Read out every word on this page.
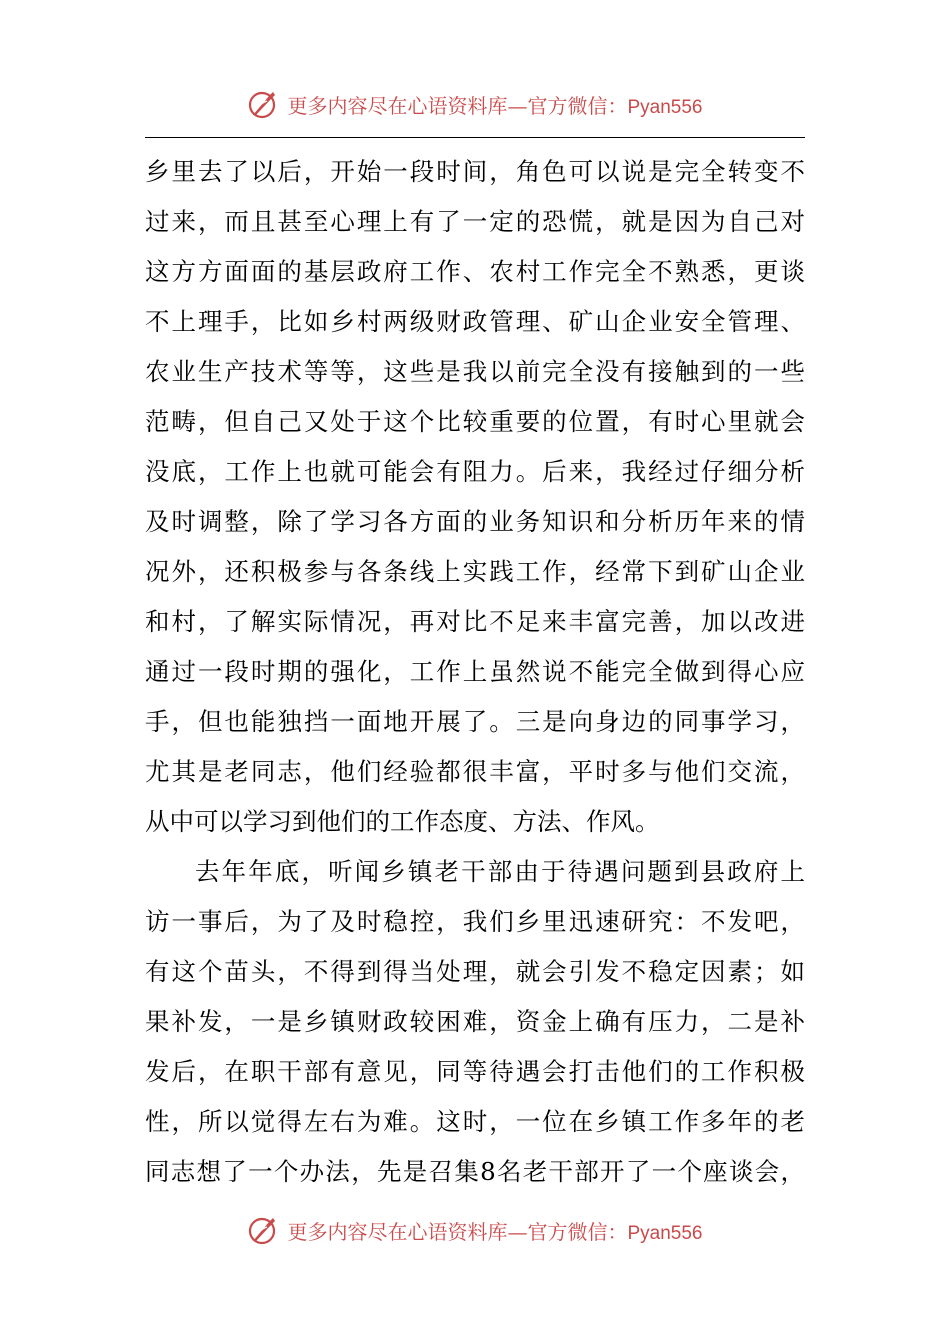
更多内容尽在心语资料库—官方微信：Pyan556
乡里去了以后，开始一段时间，角色可以说是完全转变不
过来，而且甚至心理上有了一定的恐慌，就是因为自己对
这方方面面的基层政府工作、农村工作完全不熟悉，更谈
不上理手，比如乡村两级财政管理、矿山企业安全管理、
农业生产技术等等，这些是我以前完全没有接触到的一些
范畴，但自己又处于这个比较重要的位置，有时心里就会
没底，工作上也就可能会有阻力。后来，我经过仔细分析
及时调整，除了学习各方面的业务知识和分析历年来的情
况外，还积极参与各条线上实践工作，经常下到矿山企业
和村，了解实际情况，再对比不足来丰富完善，加以改进
通过一段时期的强化，工作上虽然说不能完全做到得心应
手，但也能独挡一面地开展了。三是向身边的同事学习，
尤其是老同志，他们经验都很丰富，平时多与他们交流，
从中可以学习到他们的工作态度、方法、作风。
去年年底，听闻乡镇老干部由于待遇问题到县政府上
访一事后，为了及时稳控，我们乡里迅速研究：不发吧，
有这个苗头，不得到得当处理，就会引发不稳定因素；如
果补发，一是乡镇财政较困难，资金上确有压力，二是补
发后，在职干部有意见，同等待遇会打击他们的工作积极
性，所以觉得左右为难。这时，一位在乡镇工作多年的老
同志想了一个办法，先是召集8名老干部开了一个座谈会，
更多内容尽在心语资料库—官方微信：Pyan556
